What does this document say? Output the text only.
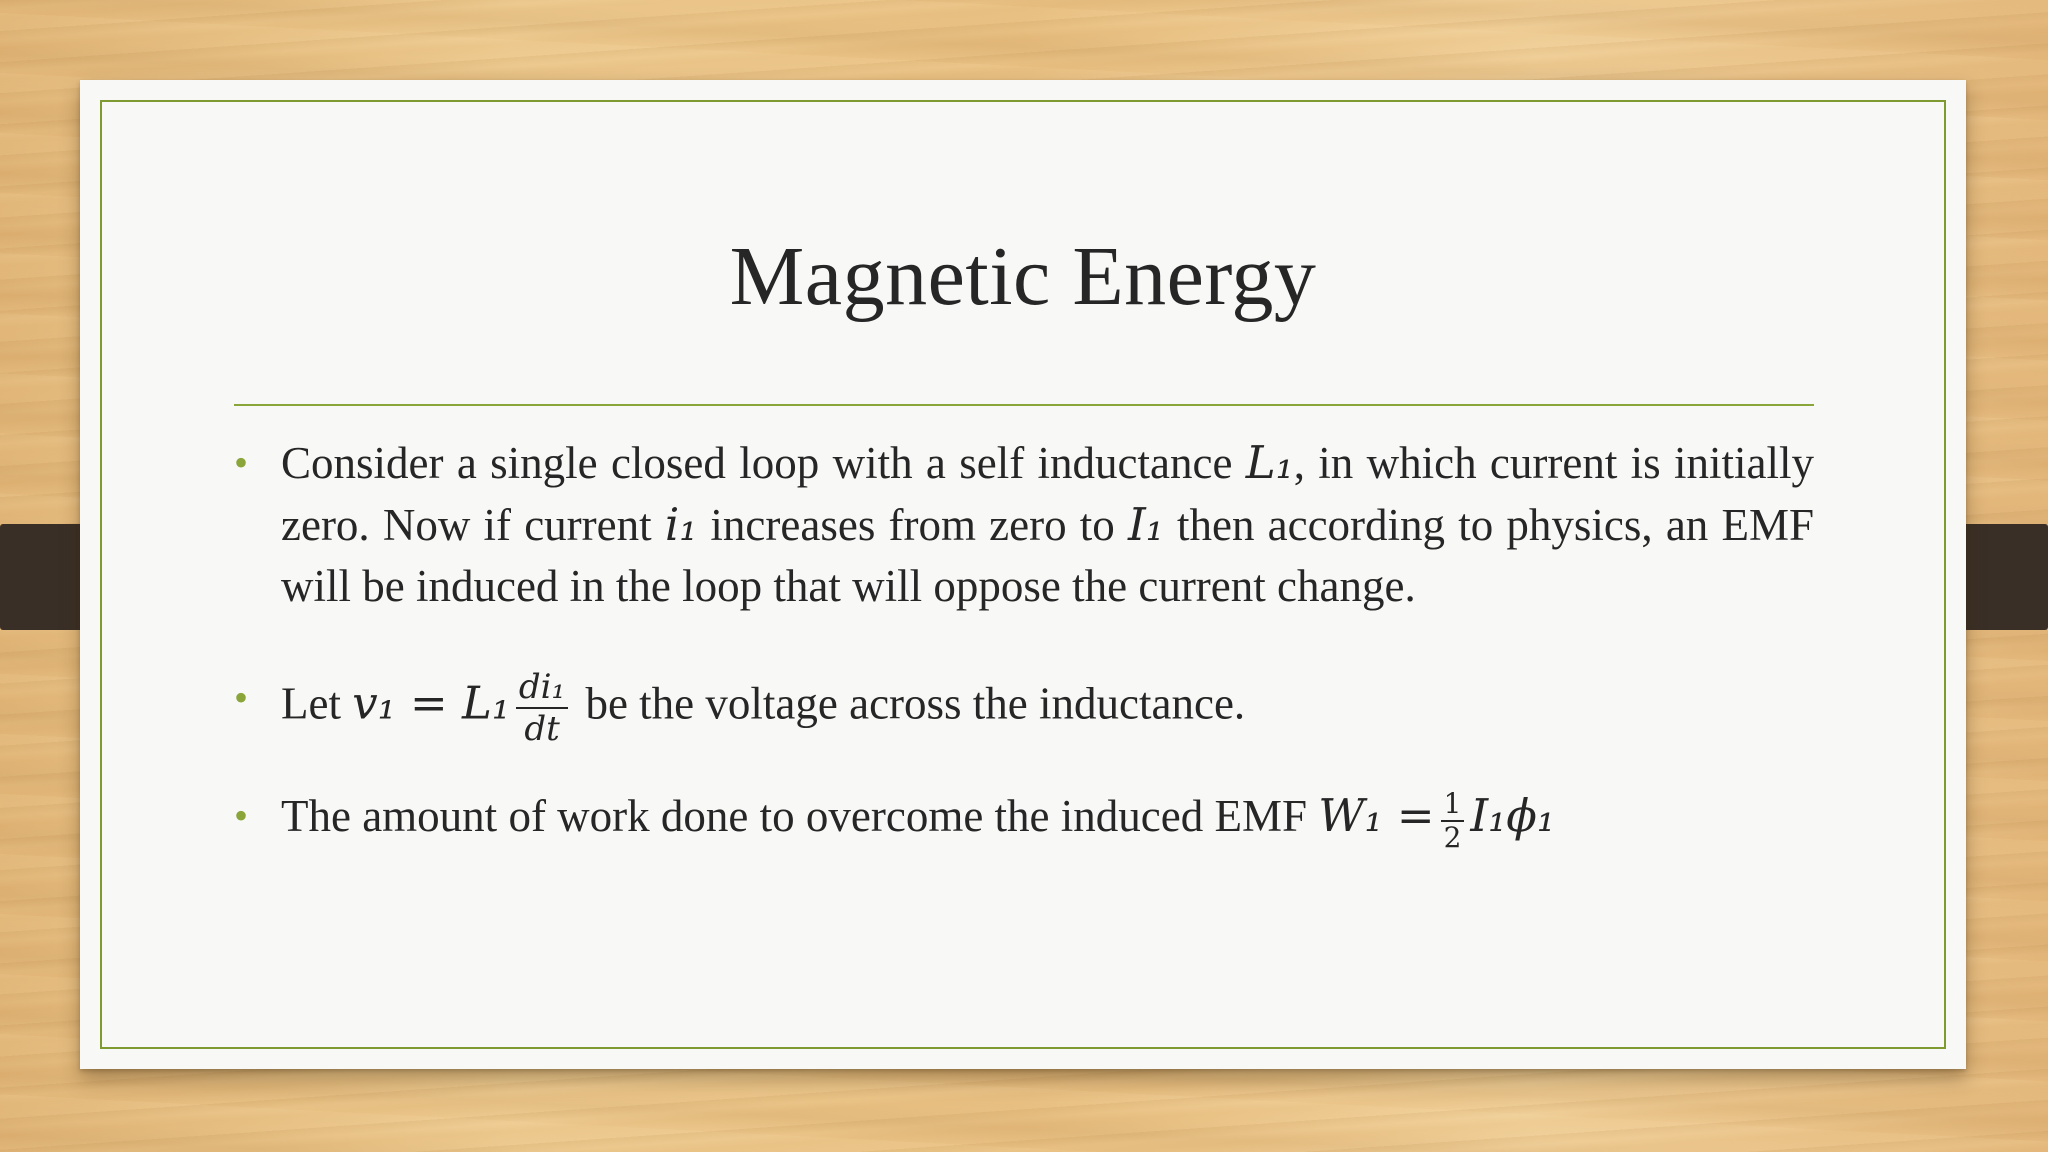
Magnetic Energy
• Consider a single closed loop with a self inductance L₁, in which current is initially zero. Now if current i₁ increases from zero to I₁ then according to physics, an EMF will be induced in the loop that will oppose the current change.
• Let $v_1 = L_1 \frac{\text{di₁}}{dt}$ be the voltage across the inductance.
• The amount of work done to overcome the induced EMF $W_1 = \frac{1}{2} I_1\phi_1$
